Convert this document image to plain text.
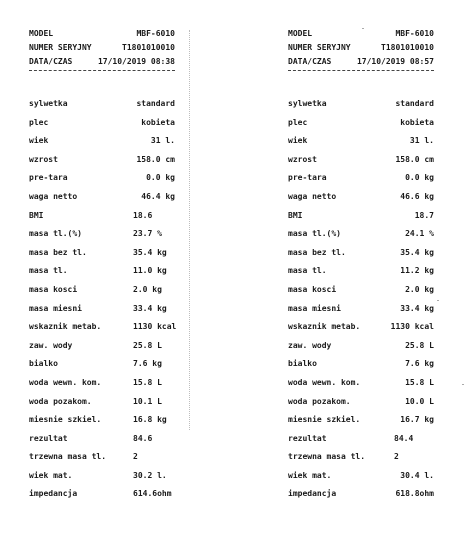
MODEL	MBF-6010
NUMER SERYJNY	T1801010010
DATA/CZAS	17/10/2019 08:38
sylwetka	standard
plec	kobieta
wiek	31 l.
wzrost	158.0 cm
pre-tara	0.0 kg
waga netto	46.4 kg
BMI	18.6
masa tl.(%)	23.7 %
masa bez tl.	35.4 kg
masa tl.	11.0 kg
masa kosci	2.0 kg
masa miesni	33.4 kg
wskaznik metab.	1130 kcal
zaw. wody	25.8 L
bialko	7.6 kg
woda wewn. kom.	15.8 L
woda pozakom.	10.1 L
miesnie szkiel.	16.8 kg
rezultat	84.6
trzewna masa tl.	2
wiek mat.	30.2 l.
impedancja	614.6ohm
MODEL	MBF-6010
NUMER SERYJNY	T1801010010
DATA/CZAS	17/10/2019 08:57
sylwetka	standard
plec	kobieta
wiek	31 l.
wzrost	158.0 cm
pre-tara	0.0 kg
waga netto	46.6 kg
BMI	18.7
masa tl.(%)	24.1 %
masa bez tl.	35.4 kg
masa tl.	11.2 kg
masa kosci	2.0 kg
masa miesni	33.4 kg
wskaznik metab.	1130 kcal
zaw. wody	25.8 L
bialko	7.6 kg
woda wewn. kom.	15.8 L
woda pozakom.	10.0 L
miesnie szkiel.	16.7 kg
rezultat	84.4
trzewna masa tl.	2
wiek mat.	30.4 l.
impedancja	618.8ohm
